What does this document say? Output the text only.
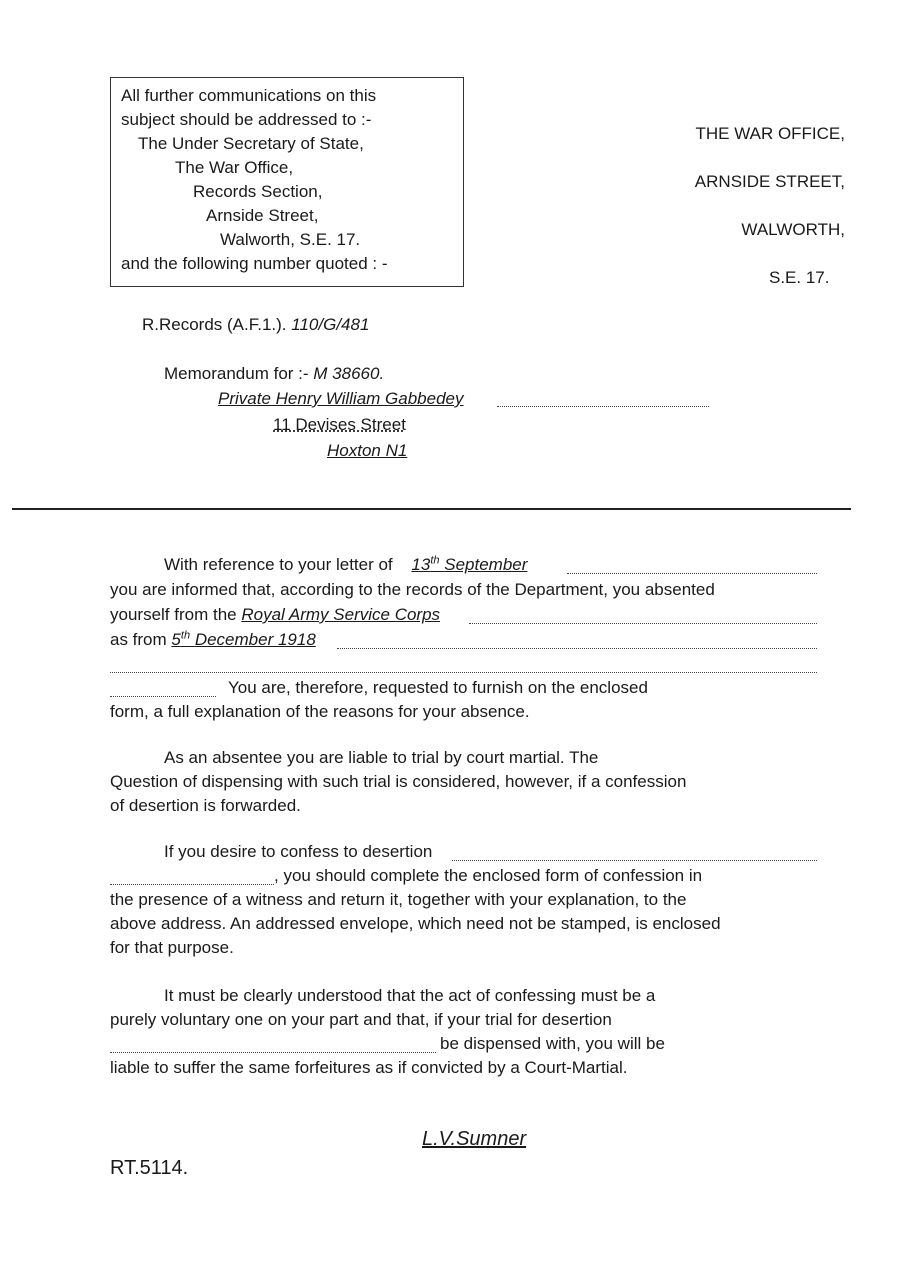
All further communications on this
subject should be addressed to :-
The Under Secretary of State,
The War Office,
Records Section,
Arnside Street,
Walworth, S.E. 17.
and the following number quoted : -
THE WAR OFFICE,
ARNSIDE STREET,
WALWORTH,
S.E. 17.
R.Records (A.F.1.). 110/G/481
Memorandum for :- M 38660.
Private Henry William Gabbedey
11 Devises Street
Hoxton N1
With reference to your letter of 13th September
you are informed that, according to the records of the Department, you absented
yourself from the Royal Army Service Corps
as from 5th December 1918
You are, therefore, requested to furnish on the enclosed
form, a full explanation of the reasons for your absence.
As an absentee you are liable to trial by court martial. The
Question of dispensing with such trial is considered, however, if a confession
of desertion is forwarded.
If you desire to confess to desertion
, you should complete the enclosed form of confession in
the presence of a witness and return it, together with your explanation, to the
above address. An addressed envelope, which need not be stamped, is enclosed
for that purpose.
It must be clearly understood that the act of confessing must be a
purely voluntary one on your part and that, if your trial for desertion
be dispensed with, you will be
liable to suffer the same forfeitures as if convicted by a Court-Martial.
L.V.Sumner
RT.5114.
